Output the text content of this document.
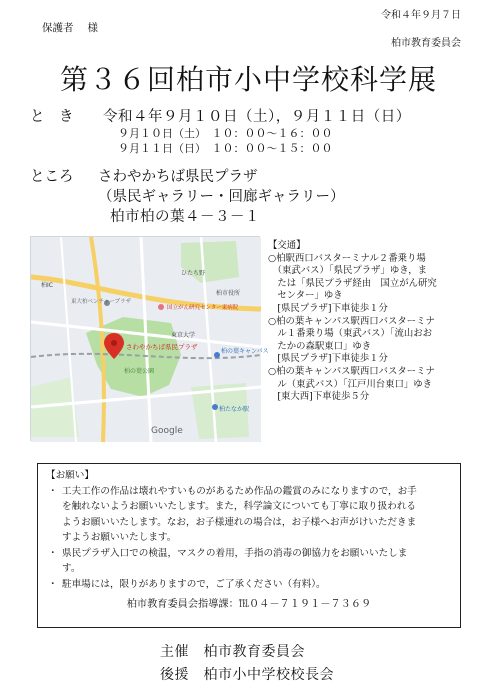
令和４年９月７日
保護者 様
柏市教育委員会
第３６回柏市小中学校科学展
と　き 令和４年９月１０日（土），９月１１日（日）
９月１０日（土）　１０：００～１６：００
９月１１日（日）　１０：００～１５：００
ところ さわやかちば県民プラザ
（県民ギャラリー・回廊ギャラリー）
柏市柏の葉４－３－１
さわやかちば県民プラザ
柏の葉公園
国立がん研究センター東病院
東大柏ベンチャープラザ
東京大学
柏の葉キャンパス
柏たなか駅
ひたち野
柏市役所
柏IC
Google
【交通】
○柏駅西口バスターミナル２番乗り場
　（東武バス）「県民プラザ」ゆき，ま
　たは「県民プラザ経由　国立がん研究
　センター」ゆき
　[県民プラザ]下車徒歩１分
○柏の葉キャンパス駅西口バスターミナ
　ル１番乗り場（東武バス）「流山おお
　たかの森駅東口」ゆき
　[県民プラザ]下車徒歩１分
○柏の葉キャンパス駅西口バスターミナ
　ル（東武バス）「江戸川台東口」ゆき
　[東大西]下車徒歩５分
【お願い】
・ 工夫工作の作品は壊れやすいものがあるため作品の鑑賞のみになりますので，お手
を触れないようお願いいたします。また，科学論文についても丁寧に取り扱われる
ようお願いいたします。なお，お子様連れの場合は，お子様へお声がけいただきま
すようお願いいたします。
・ 県民プラザ入口での検温，マスクの着用，手指の消毒の御協力をお願いいたしま
す。
・ 駐車場には，限りがありますので，ご了承ください（有料）。
柏市教育委員会指導課：℡０４－７１９１－７３６９
主催　柏市教育委員会
後援　柏市小中学校校長会
